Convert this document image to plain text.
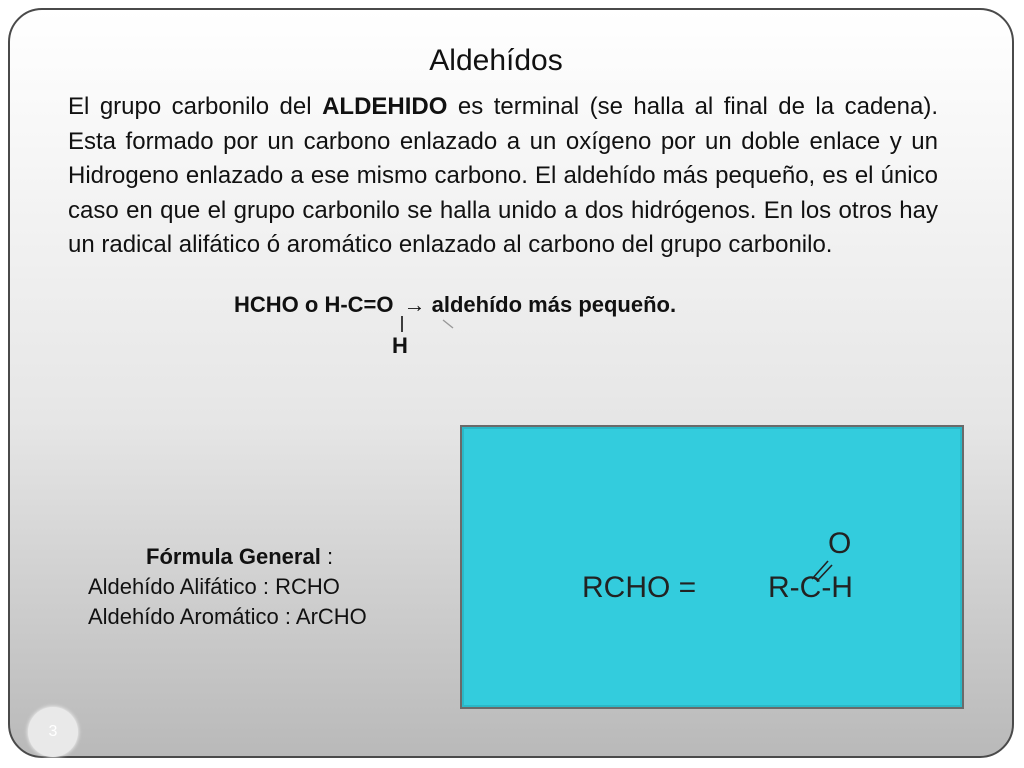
Aldehídos
El grupo carbonilo del ALDEHIDO es terminal (se halla al final de la cadena). Esta formado por un carbono enlazado a un oxígeno por un doble enlace y un Hidrogeno enlazado a ese mismo carbono. El aldehído más pequeño, es el único caso en que el grupo carbonilo se halla unido a dos hidrógenos. En los otros hay un radical alifático ó aromático enlazado al carbono del grupo carbonilo.
HCHO o H-C=O → aldehído más pequeño.
H
Fórmula General :
Aldehído Alifático : RCHO
Aldehído Aromático : ArCHO
O
RCHO = R-C-H
3
